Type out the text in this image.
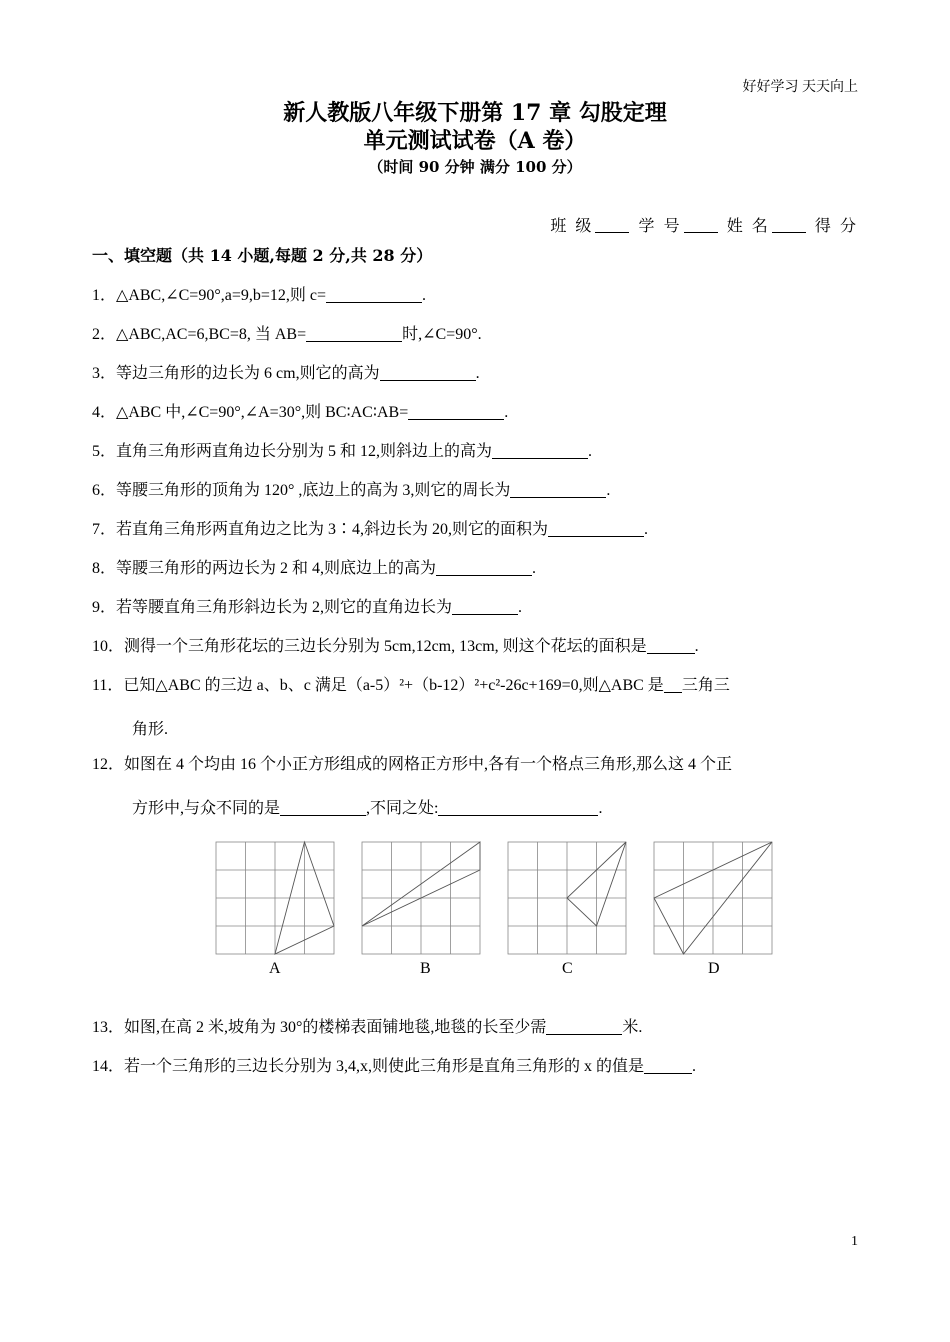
好好学习 天天向上
新人教版八年级下册第 17 章 勾股定理
单元测试试卷（A 卷）
（时间 90 分钟 满分 100 分）
班 级	学 号	姓 名	得 分
一、填空题（共 14 小题,每题 2 分,共 28 分）
1．△ABC,∠C=90°,a=9,b=12,则 c=	.
2．△ABC,AC=6,BC=8, 当 AB=	时,∠C=90°.
3．等边三角形的边长为 6 cm,则它的高为	.
4．△ABC 中,∠C=90°,∠A=30°,则 BC∶AC∶AB=	.
5．直角三角形两直角边长分别为 5 和 12,则斜边上的高为	.
6．等腰三角形的顶角为 120° ,底边上的高为 3,则它的周长为	.
7．若直角三角形两直角边之比为 3∶4,斜边长为 20,则它的面积为	.
8．等腰三角形的两边长为 2 和 4,则底边上的高为	.
9．若等腰直角三角形斜边长为 2,则它的直角边长为	.
10．测得一个三角形花坛的三边长分别为 5cm,12cm, 13cm, 则这个花坛的面积是	.
11．已知△ABC 的三边 a、b、c 满足（a-5）²+（b-12）²+c²-26c+169=0,则△ABC 是 三角三
角形.
12．如图在 4 个均由 16 个小正方形组成的网格正方形中,各有一个格点三角形,那么这 4 个正
方形中,与众不同的是	,不同之处:	.
A	B	C	D
13．如图,在高 2 米,坡角为 30°的楼梯表面铺地毯,地毯的长至少需	米.
14．若一个三角形的三边长分别为 3,4,x,则使此三角形是直角三角形的 x 的值是	.
1
